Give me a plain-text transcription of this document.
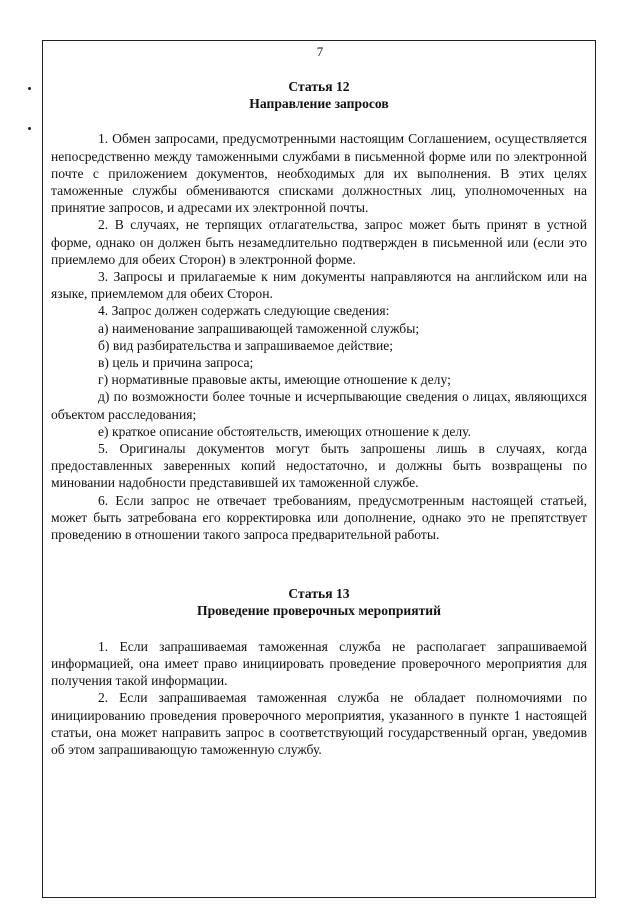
7

Статья 12

Направление запросов

1. Обмен запросами, предусмотренными настоящим Соглашением, осуществляется непосредственно между таможенными службами в письменной форме или по электронной почте с приложением документов, необходимых для их выполнения. В этих целях таможенные службы обмениваются списками должностных лиц, уполномоченных на принятие запросов, и адресами их электронной почты.

2. В случаях, не терпящих отлагательства, запрос может быть принят в устной форме, однако он должен быть незамедлительно подтвержден в письменной или (если это приемлемо для обеих Сторон) в электронной форме.

3. Запросы и прилагаемые к ним документы направляются на английском или на языке, приемлемом для обеих Сторон.

4. Запрос должен содержать следующие сведения:

а) наименование запрашивающей таможенной службы;

б) вид разбирательства и запрашиваемое действие;

в) цель и причина запроса;

г) нормативные правовые акты, имеющие отношение к делу;

д) по возможности более точные и исчерпывающие сведения о лицах, являющихся объектом расследования;

е) краткое описание обстоятельств, имеющих отношение к делу.

5. Оригиналы документов могут быть запрошены лишь в случаях, когда предоставленных заверенных копий недостаточно, и должны быть возвращены по миновании надобности представившей их таможенной службе.

6. Если запрос не отвечает требованиям, предусмотренным настоящей статьей, может быть затребована его корректировка или дополнение, однако это не препятствует проведению в отношении такого запроса предварительной работы.

Статья 13

Проведение проверочных мероприятий

1. Если запрашиваемая таможенная служба не располагает запрашиваемой информацией, она имеет право инициировать проведение проверочного мероприятия для получения такой информации.

2. Если запрашиваемая таможенная служба не обладает полномочиями по инициированию проведения проверочного мероприятия, указанного в пункте 1 настоящей статьи, она может направить запрос в соответствующий государственный орган, уведомив об этом запрашивающую таможенную службу.
